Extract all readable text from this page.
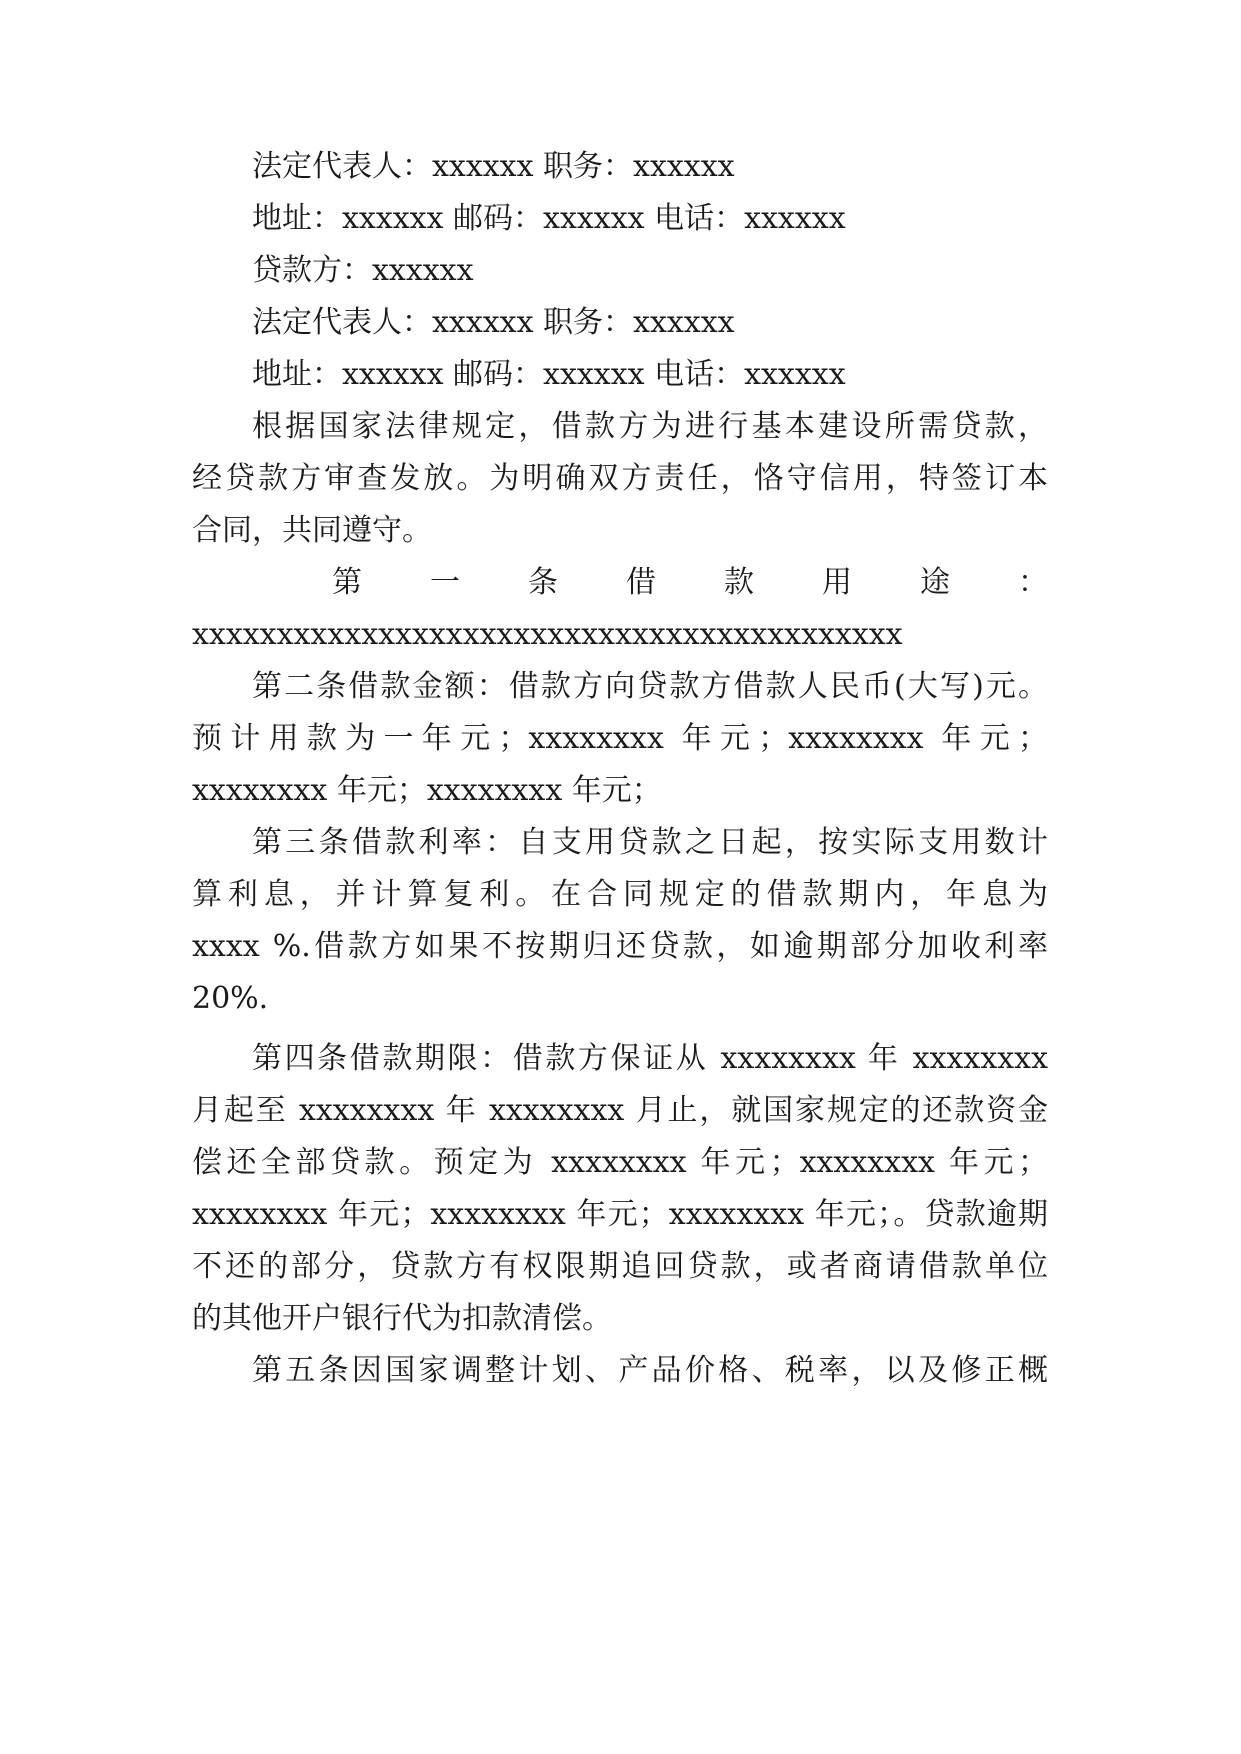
法定代表人：xxxxxx 职务：xxxxxx
地址：xxxxxx 邮码：xxxxxx 电话：xxxxxx
贷款方：xxxxxx
法定代表人：xxxxxx 职务：xxxxxx
地址：xxxxxx 邮码：xxxxxx 电话：xxxxxx
根据国家法律规定，借款方为进行基本建设所需贷款，
经贷款方审查发放。为明确双方责任，恪守信用，特签订本
合同，共同遵守。
第一条借款用途：
xxxxxxxxxxxxxxxxxxxxxxxxxxxxxxxxxxxxxxxxxx
第二条借款金额：借款方向贷款方借款人民币(大写)元。
预计用款为一年元；xxxxxxxx 年元；xxxxxxxx 年元；
xxxxxxxx 年元；xxxxxxxx 年元；
第三条借款利率：自支用贷款之日起，按实际支用数计
算利息，并计算复利。在合同规定的借款期内，年息为
xxxx %.借款方如果不按期归还贷款，如逾期部分加收利率
20%.
第四条借款期限：借款方保证从 xxxxxxxx 年 xxxxxxxx
月起至 xxxxxxxx 年 xxxxxxxx 月止，就国家规定的还款资金
偿还全部贷款。预定为 xxxxxxxx 年元；xxxxxxxx 年元；
xxxxxxxx 年元；xxxxxxxx 年元；xxxxxxxx 年元；。贷款逾期
不还的部分，贷款方有权限期追回贷款，或者商请借款单位
的其他开户银行代为扣款清偿。
第五条因国家调整计划、产品价格、税率，以及修正概
